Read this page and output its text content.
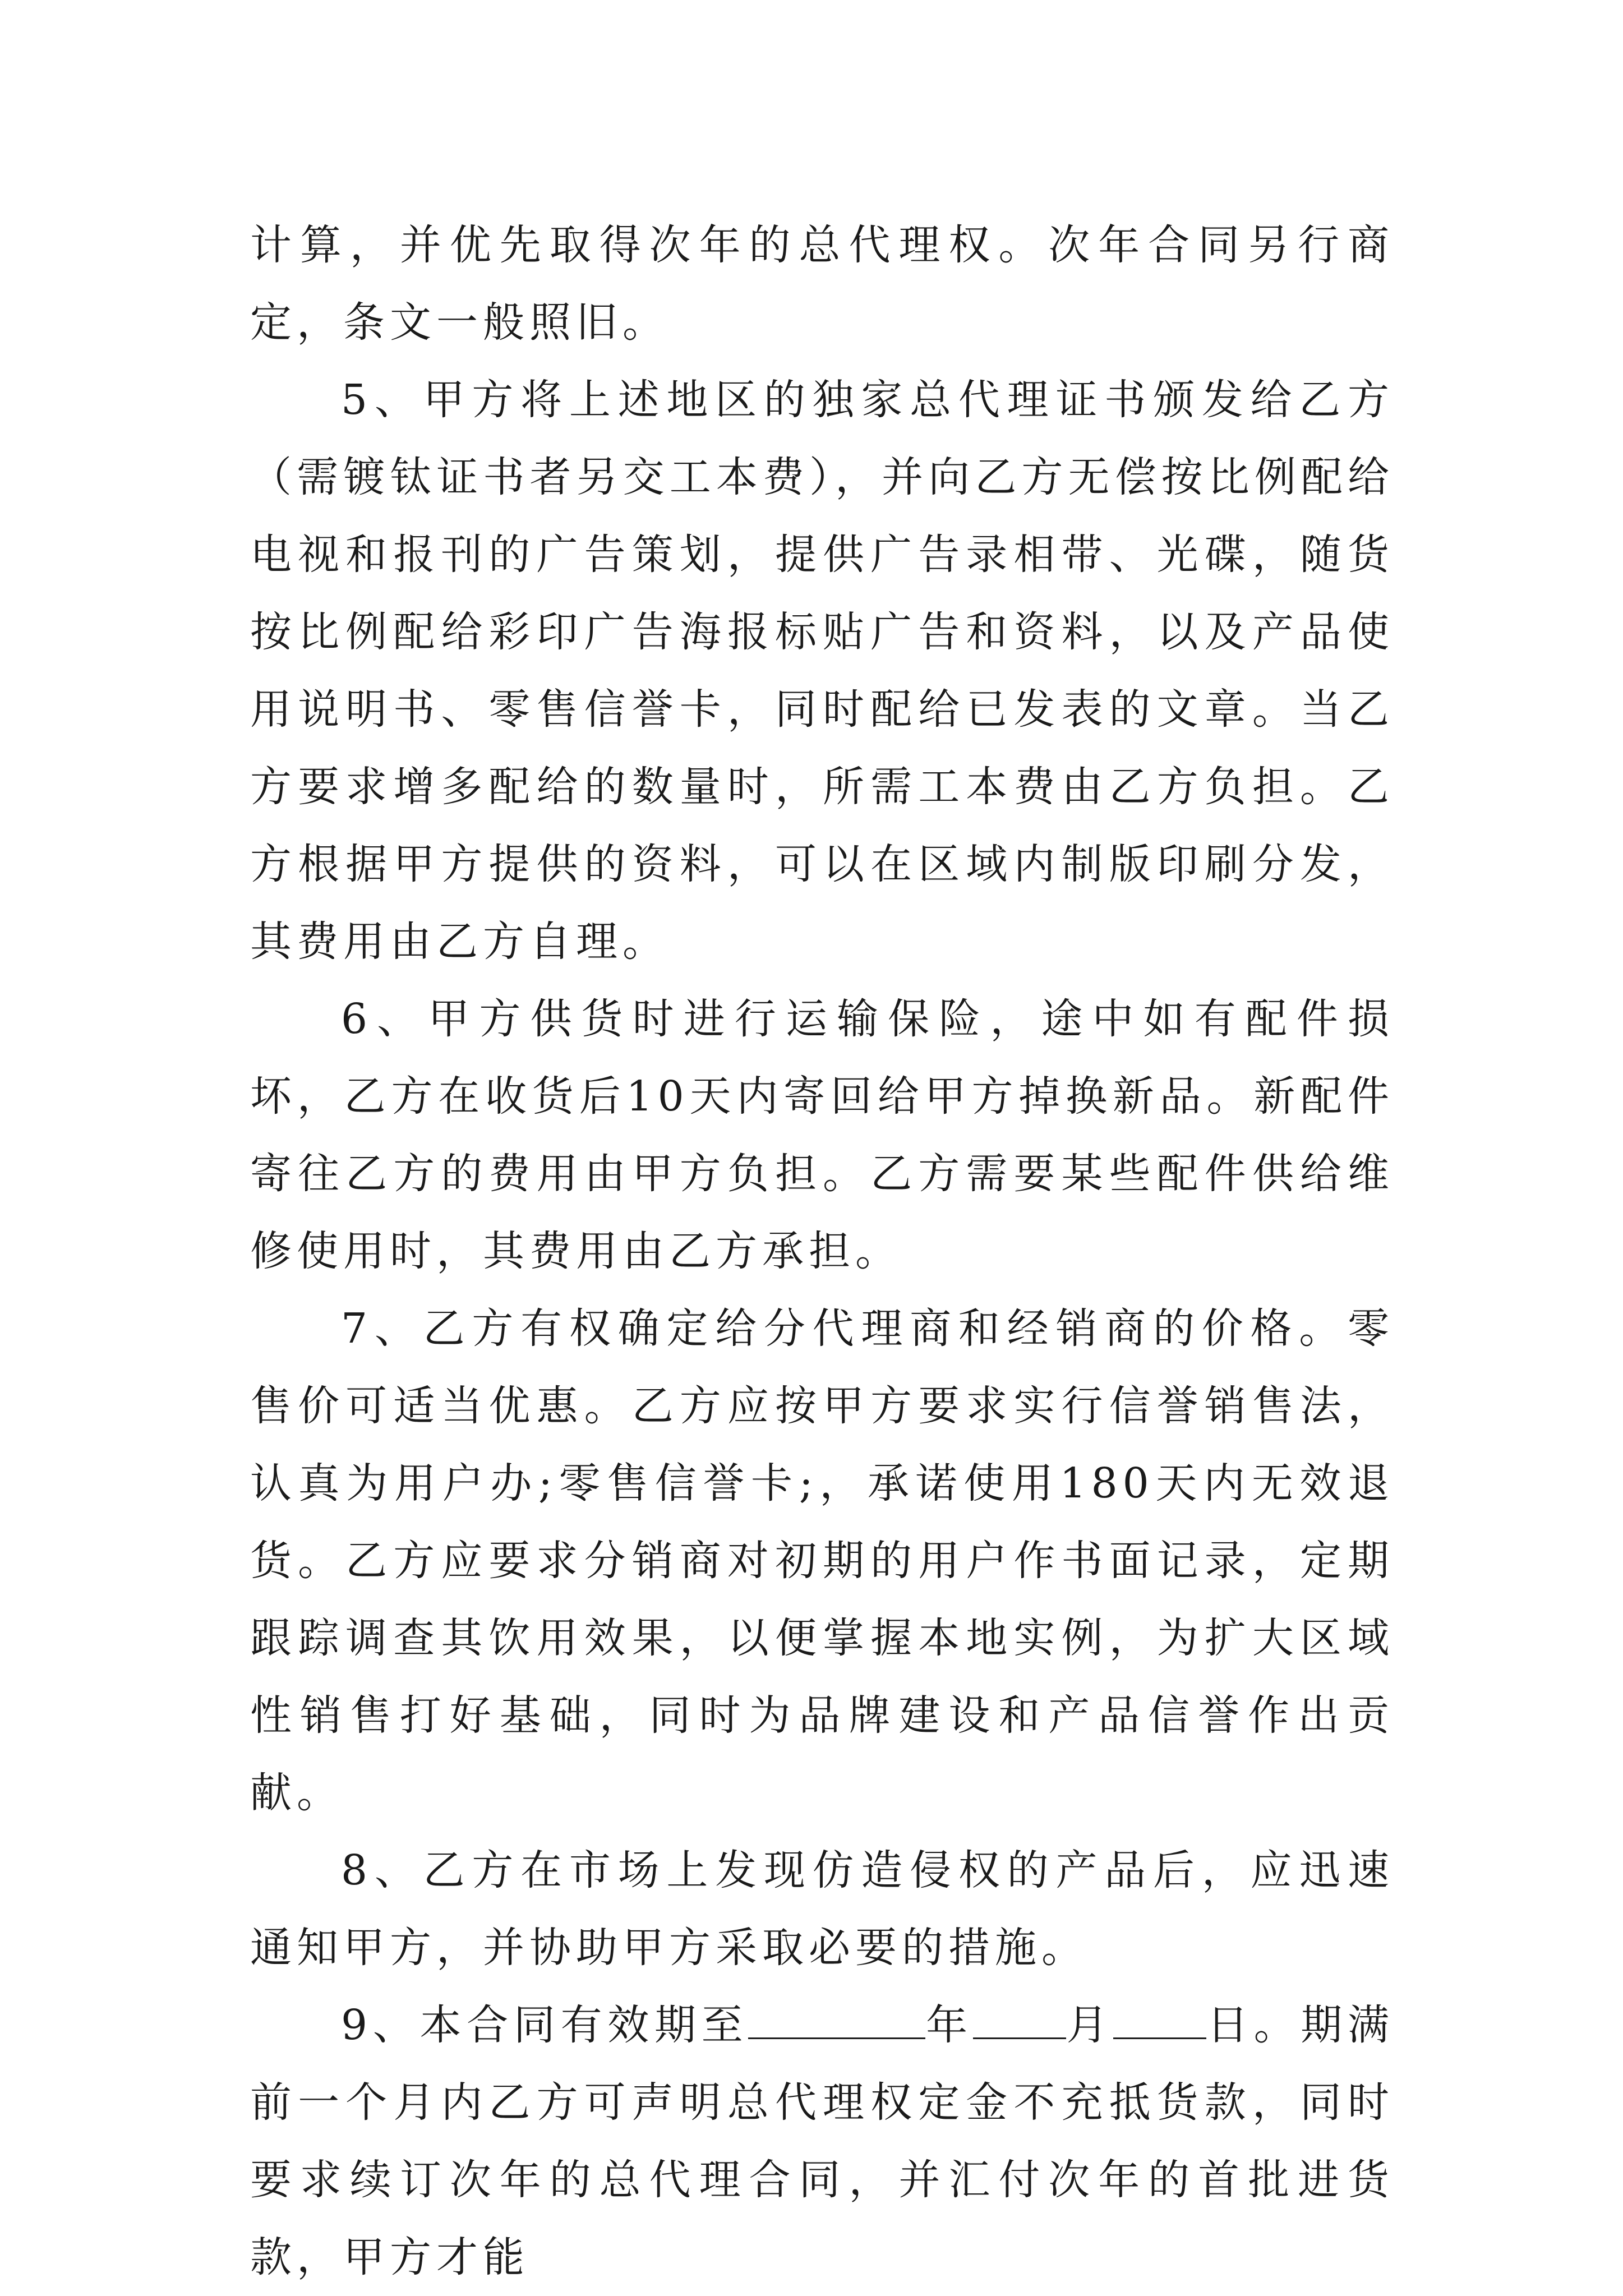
计算，并优先取得次年的总代理权。次年合同另行商定，条文一般照旧。

5、甲方将上述地区的独家总代理证书颁发给乙方（需镀钛证书者另交工本费），并向乙方无偿按比例配给电视和报刊的广告策划，提供广告录相带、光碟，随货按比例配给彩印广告海报标贴广告和资料，以及产品使用说明书、零售信誉卡，同时配给已发表的文章。当乙方要求增多配给的数量时，所需工本费由乙方负担。乙方根据甲方提供的资料，可以在区域内制版印刷分发，其费用由乙方自理。

6、甲方供货时进行运输保险，途中如有配件损坏，乙方在收货后10天内寄回给甲方掉换新品。新配件寄往乙方的费用由甲方负担。乙方需要某些配件供给维修使用时，其费用由乙方承担。

7、乙方有权确定给分代理商和经销商的价格。零售价可适当优惠。乙方应按甲方要求实行信誉销售法，认真为用户办;零售信誉卡;，承诺使用180天内无效退货。乙方应要求分销商对初期的用户作书面记录，定期跟踪调查其饮用效果，以便掌握本地实例，为扩大区域性销售打好基础，同时为品牌建设和产品信誉作出贡献。

8、乙方在市场上发现仿造侵权的产品后，应迅速通知甲方，并协助甲方采取必要的措施。

9、本合同有效期至	年 月 日。期满前一个月内乙方可声明总代理权定金不充抵货款，同时要求续订次年的总代理合同，并汇付次年的首批进货款，甲方才能
